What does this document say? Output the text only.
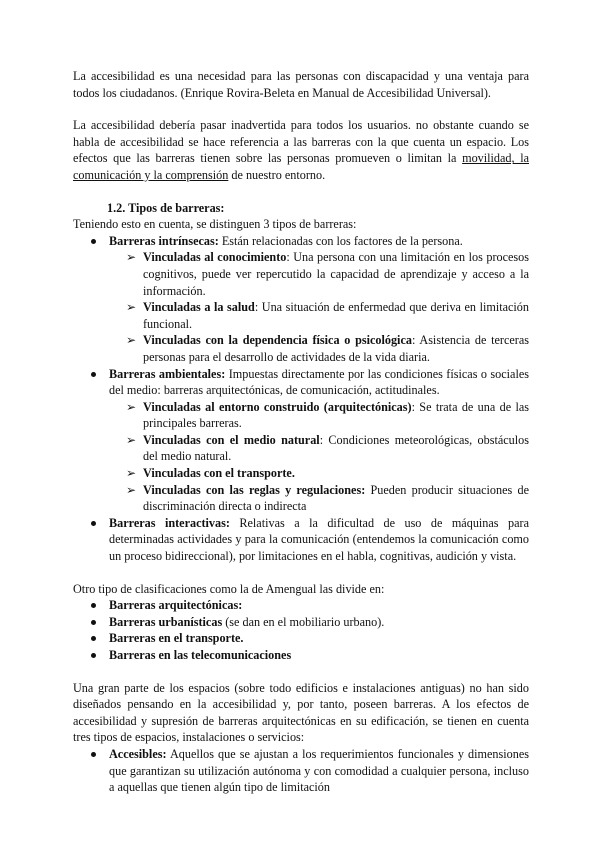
La accesibilidad es una necesidad para las personas con discapacidad y una ventaja para todos los ciudadanos. (Enrique Rovira-Beleta en Manual de Accesibilidad Universal).

La accesibilidad debería pasar inadvertida para todos los usuarios. no obstante cuando se habla de accesibilidad se hace referencia a las barreras con la que cuenta un espacio. Los efectos que las barreras tienen sobre las personas promueven o limitan la movilidad, la comunicación y la comprensión de nuestro entorno.

1.2. Tipos de barreras:

Teniendo esto en cuenta, se distinguen 3 tipos de barreras:

Barreras intrínsecas: Están relacionadas con los factores de la persona.
➢ Vinculadas al conocimiento: Una persona con una limitación en los procesos cognitivos, puede ver repercutido la capacidad de aprendizaje y acceso a la información.
➢ Vinculadas a la salud: Una situación de enfermedad que deriva en limitación funcional.
➢ Vinculadas con la dependencia física o psicológica: Asistencia de terceras personas para el desarrollo de actividades de la vida diaria.
Barreras ambientales: Impuestas directamente por las condiciones físicas o sociales del medio: barreras arquitectónicas, de comunicación, actitudinales.
➢ Vinculadas al entorno construido (arquitectónicas): Se trata de una de las principales barreras.
➢ Vinculadas con el medio natural: Condiciones meteorológicas, obstáculos del medio natural.
➢ Vinculadas con el transporte.
➢ Vinculadas con las reglas y regulaciones: Pueden producir situaciones de discriminación directa o indirecta
Barreras interactivas: Relativas a la dificultad de uso de máquinas para determinadas actividades y para la comunicación (entendemos la comunicación como un proceso bidireccional), por limitaciones en el habla, cognitivas, audición y vista.

Otro tipo de clasificaciones como la de Amengual las divide en:

Barreras arquitectónicas:
Barreras urbanísticas (se dan en el mobiliario urbano).
Barreras en el transporte.
Barreras en las telecomunicaciones

Una gran parte de los espacios (sobre todo edificios e instalaciones antiguas) no han sido diseñados pensando en la accesibilidad y, por tanto, poseen barreras. A los efectos de accesibilidad y supresión de barreras arquitectónicas en su edificación, se tienen en cuenta tres tipos de espacios, instalaciones o servicios:

Accesibles: Aquellos que se ajustan a los requerimientos funcionales y dimensiones que garantizan su utilización autónoma y con comodidad a cualquier persona, incluso a aquellas que tienen algún tipo de limitación
